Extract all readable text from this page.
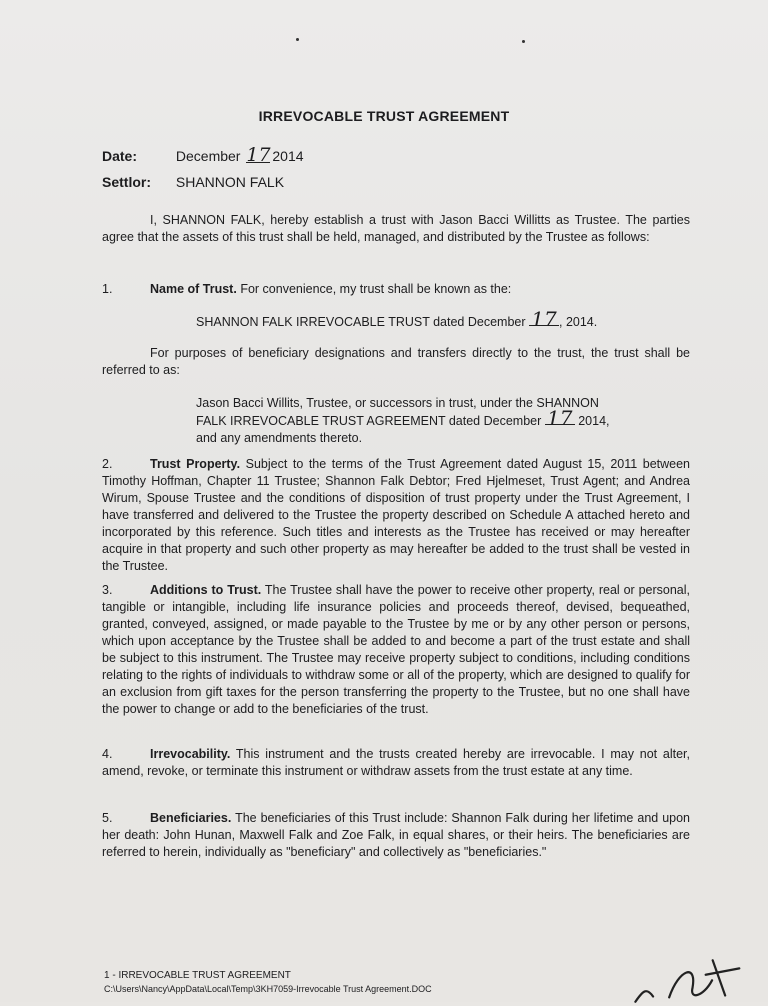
IRREVOCABLE TRUST AGREEMENT
Date:	December 17 2014
Settlor: SHANNON FALK
I, SHANNON FALK, hereby establish a trust with Jason Bacci Willitts as Trustee. The parties agree that the assets of this trust shall be held, managed, and distributed by the Trustee as follows:
1.	Name of Trust. For convenience, my trust shall be known as the:
SHANNON FALK IRREVOCABLE TRUST dated December 17 , 2014.
For purposes of beneficiary designations and transfers directly to the trust, the trust shall be referred to as:
Jason Bacci Willits, Trustee, or successors in trust, under the SHANNON
FALK IRREVOCABLE TRUST AGREEMENT dated December 17 2014,
and any amendments thereto.
2.	Trust Property. Subject to the terms of the Trust Agreement dated August 15, 2011 between Timothy Hoffman, Chapter 11 Trustee; Shannon Falk Debtor; Fred Hjelmeset, Trust Agent; and Andrea Wirum, Spouse Trustee and the conditions of disposition of trust property under the Trust Agreement, I have transferred and delivered to the Trustee the property described on Schedule A attached hereto and incorporated by this reference. Such titles and interests as the Trustee has received or may hereafter acquire in that property and such other property as may hereafter be added to the trust shall be vested in the Trustee.
3.	Additions to Trust. The Trustee shall have the power to receive other property, real or personal, tangible or intangible, including life insurance policies and proceeds thereof, devised, bequeathed, granted, conveyed, assigned, or made payable to the Trustee by me or by any other person or persons, which upon acceptance by the Trustee shall be added to and become a part of the trust estate and shall be subject to this instrument. The Trustee may receive property subject to conditions, including conditions relating to the rights of individuals to withdraw some or all of the property, which are designed to qualify for an exclusion from gift taxes for the person transferring the property to the Trustee, but no one shall have the power to change or add to the beneficiaries of the trust.
4.	Irrevocability. This instrument and the trusts created hereby are irrevocable. I may not alter, amend, revoke, or terminate this instrument or withdraw assets from the trust estate at any time.
5.	Beneficiaries. The beneficiaries of this Trust include: Shannon Falk during her lifetime and upon her death: John Hunan, Maxwell Falk and Zoe Falk, in equal shares, or their heirs. The beneficiaries are referred to herein, individually as "beneficiary" and collectively as "beneficiaries."
1 - IRREVOCABLE TRUST AGREEMENT
C:\Users\Nancy\AppData\Local\Temp\3KH7059-Irrevocable Trust Agreement.DOC
